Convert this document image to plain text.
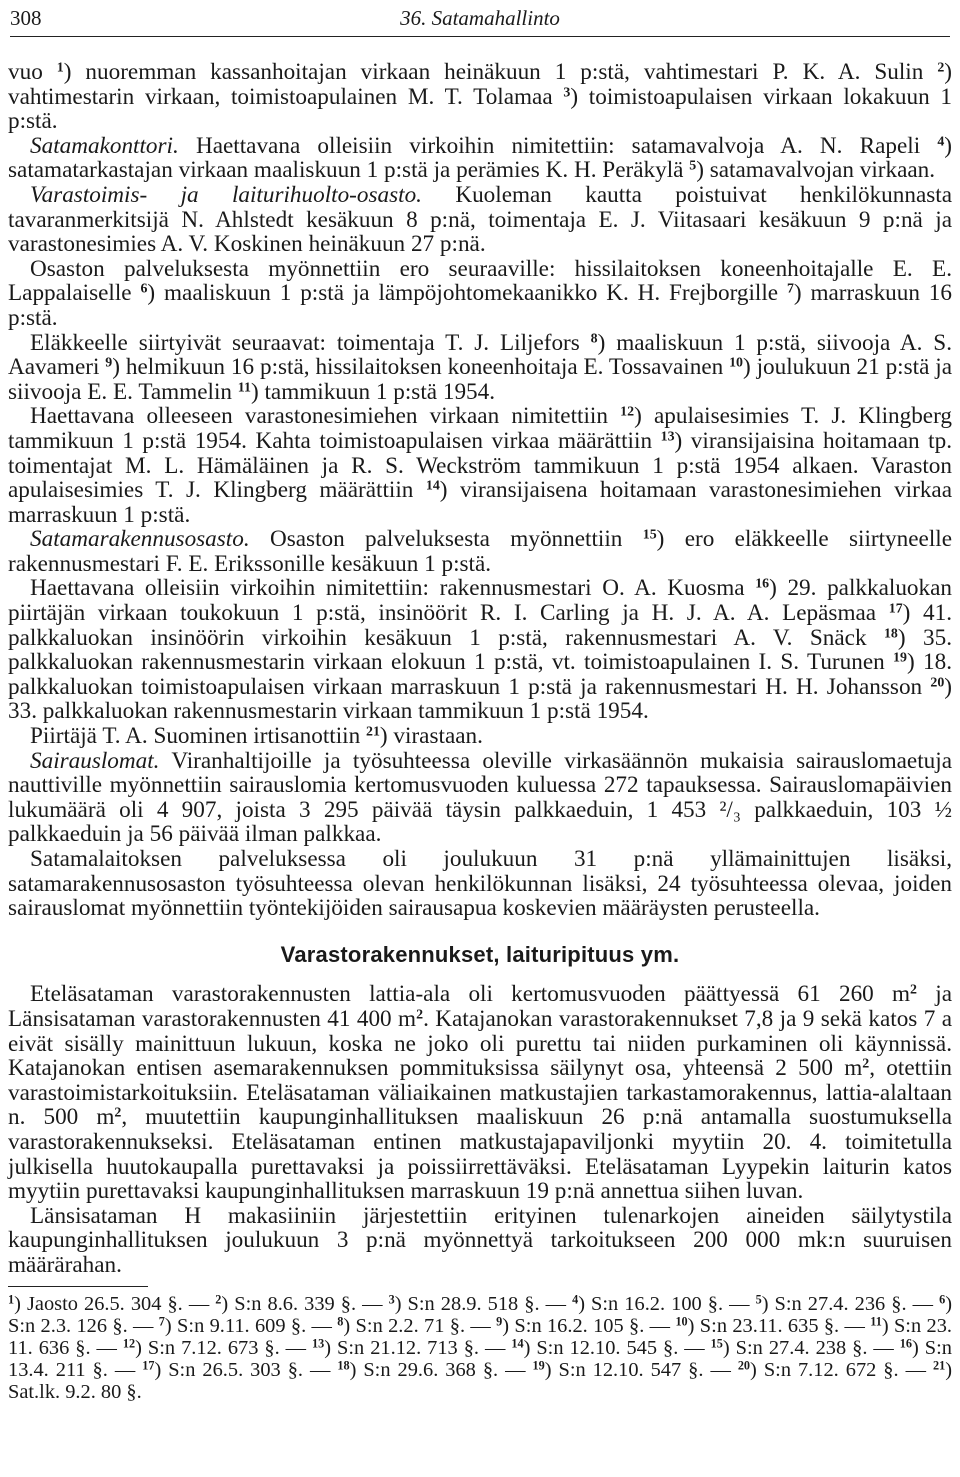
308	36. Satamahallinto

vuo $^1$) nuoremman kassanhoitajan virkaan heinäkuun 1 p:stä, vahtimestari P. K. A. Sulin $^2$) vahtimestarin virkaan, toimistoapulainen M. T. Tolamaa $^3$) toimistoapulaisen virkaan lokakuun 1 p:stä.

Satamakonttori. Haettavana olleisiin virkoihin nimitettiin: satamavalvoja A. N. Rapeli $^4$) satamatarkastajan virkaan maaliskuun 1 p:stä ja perämies K. H. Peräkylä $^5$) satamavalvojan virkaan.

Varastoimis- ja laiturihuolto-osasto. Kuoleman kautta poistuivat henkilökunnasta tavaranmerkitsijä N. Ahlstedt kesäkuun 8 p:nä, toimentaja E. J. Viitasaari kesäkuun 9 p:nä ja varastonesimies A. V. Koskinen heinäkuun 27 p:nä.

Osaston palveluksesta myönnettiin ero seuraaville: hissilaitoksen koneenhoitajalle E. E. Lappalaiselle $^6$) maaliskuun 1 p:stä ja lämpöjohtomekaanikko K. H. Frejborgille $^7$) marraskuun 16 p:stä.

Eläkkeelle siirtyivät seuraavat: toimentaja T. J. Liljefors $^8$) maaliskuun 1 p:stä, siivooja A. S. Aavameri $^9$) helmikuun 16 p:stä, hissilaitoksen koneenhoitaja E. Tossavainen $^{10}$) joulukuun 21 p:stä ja siivooja E. E. Tammelin $^{11}$) tammikuun 1 p:stä 1954.

Haettavana olleeseen varastonesimiehen virkaan nimitettiin $^{12}$) apulaisesimies T. J. Klingberg tammikuun 1 p:stä 1954. Kahta toimistoapulaisen virkaa määrättiin $^{13}$) viransijaisina hoitamaan tp. toimentajat M. L. Hämäläinen ja R. S. Weckström tammikuun 1 p:stä 1954 alkaen. Varaston apulaisesimies T. J. Klingberg määrättiin $^{14}$) viransijaisena hoitamaan varastonesimiehen virkaa marraskuun 1 p:stä.

Satamarakennusosasto. Osaston palveluksesta myönnettiin $^{15}$) ero eläkkeelle siirtyneelle rakennusmestari F. E. Erikssonille kesäkuun 1 p:stä.

Haettavana olleisiin virkoihin nimitettiin: rakennusmestari O. A. Kuosma $^{16}$) 29. palkkaluokan piirtäjän virkaan toukokuun 1 p:stä, insinöörit R. I. Carling ja H. J. A. A. Lepäsmaa $^{17}$) 41. palkkaluokan insinöörin virkoihin kesäkuun 1 p:stä, rakennusmestari A. V. Snäck $^{18}$) 35. palkkaluokan rakennusmestarin virkaan elokuun 1 p:stä, vt. toimistoapulainen I. S. Turunen $^{19}$) 18. palkkaluokan toimistoapulaisen virkaan marraskuun 1 p:stä ja rakennusmestari H. H. Johansson $^{20}$) 33. palkkaluokan rakennusmestarin virkaan tammikuun 1 p:stä 1954.

Piirtäjä T. A. Suominen irtisanottiin $^{21}$) virastaan.

Sairauslomat. Viranhaltijoille ja työsuhteessa oleville virkasäännön mukaisia sairauslomaetuja nauttiville myönnettiin sairauslomia kertomusvuoden kuluessa 272 tapauksessa. Sairauslomapäivien lukumäärä oli 4 907, joista 3 295 päivää täysin palkkaeduin, 1 453 ²/₃ palkkaeduin, 103 ½ palkkaeduin ja 56 päivää ilman palkkaa.

Satamalaitoksen palveluksessa oli joulukuun 31 p:nä yllämainittujen lisäksi, satamarakennusosaston työsuhteessa olevan henkilökunnan lisäksi, 24 työsuhteessa olevaa, joiden sairauslomat myönnettiin työntekijöiden sairausapua koskevien määräysten perusteella.

Varastorakennukset, laituripituus ym.

Eteläsataman varastorakennusten lattia-ala oli kertomusvuoden päättyessä 61 260 $m^2$ ja Länsisataman varastorakennusten 41 400 $m^2$. Katajanokan varastorakennukset 7,8 ja 9 sekä katos 7 a eivät sisälly mainittuun lukuun, koska ne joko oli purettu tai niiden purkaminen oli käynnissä. Katajanokan entisen asemarakennuksen pommituksissa säilynyt osa, yhteensä 2 500 $m^2$, otettiin varastoimistarkoituksiin. Eteläsataman väliaikainen matkustajien tarkastamorakennus, lattia-alaltaan n. 500 $m^2$, muutettiin kaupunginhallituksen maaliskuun 26 p:nä antamalla suostumuksella varastorakennukseksi. Eteläsataman entinen matkustajapaviljonki myytiin 20. 4. toimitetulla julkisella huutokaupalla purettavaksi ja poissiirrettäväksi. Eteläsataman Lyypekin laiturin katos myytiin purettavaksi kaupunginhallituksen marraskuun 19 p:nä annettua siihen luvan.

Länsisataman H makasiiniin järjestettiin erityinen tulenarkojen aineiden säilytystila kaupunginhallituksen joulukuun 3 p:nä myönnettyä tarkoitukseen 200 000 mk:n suuruisen määrärahan.

$^1$) Jaosto 26.5. 304 §. — $^2$) S:n 8.6. 339 §. — $^3$) S:n 28.9. 518 §. — $^4$) S:n 16.2. 100 §. — $^5$) S:n 27.4. 236 §. — $^6$) S:n 2.3. 126 §. — $^7$) S:n 9.11. 609 §. — $^8$) S:n 2.2. 71 §. — $^9$) S:n 16.2. 105 §. — $^{10}$) S:n 23.11. 635 §. — $^{11}$) S:n 23. 11. 636 §. — $^{12}$) S:n 7.12. 673 §. — $^{13}$) S:n 21.12. 713 §. — $^{14}$) S:n 12.10. 545 §. — $^{15}$) S:n 27.4. 238 §. — $^{16}$) S:n 13.4. 211 §. — $^{17}$) S:n 26.5. 303 §. — $^{18}$) S:n 29.6. 368 §. — $^{19}$) S:n 12.10. 547 §. — $^{20}$) S:n 7.12. 672 §. — $^{21}$) Sat.lk. 9.2. 80 §.
